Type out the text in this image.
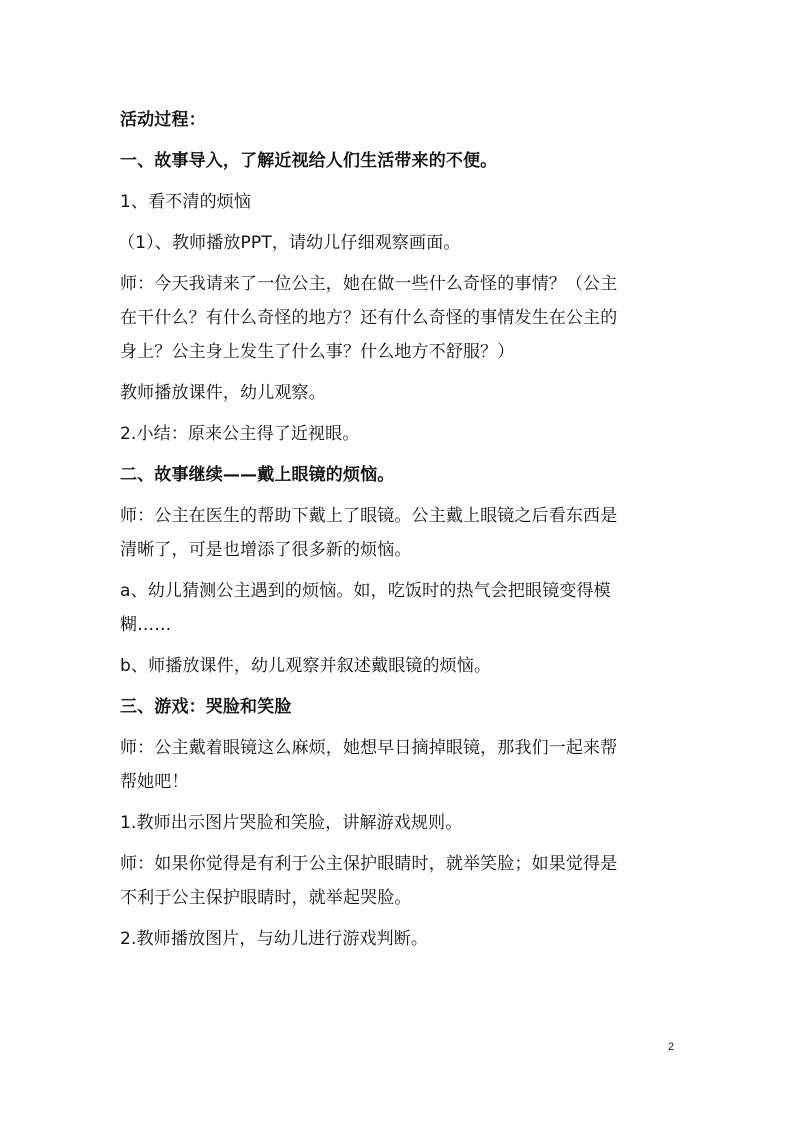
活动过程：
一、故事导入，了解近视给人们生活带来的不便。
1、看不清的烦恼
（1）、教师播放PPT，请幼儿仔细观察画面。
师：今天我请来了一位公主，她在做一些什么奇怪的事情？（公主
在干什么？有什么奇怪的地方？还有什么奇怪的事情发生在公主的
身上？公主身上发生了什么事？什么地方不舒服？）
教师播放课件，幼儿观察。
2.小结：原来公主得了近视眼。
二、故事继续——戴上眼镜的烦恼。
师：公主在医生的帮助下戴上了眼镜。公主戴上眼镜之后看东西是
清晰了，可是也增添了很多新的烦恼。
a、幼儿猜测公主遇到的烦恼。如，吃饭时的热气会把眼镜变得模
糊……
b、师播放课件，幼儿观察并叙述戴眼镜的烦恼。
三、游戏：哭脸和笑脸
师：公主戴着眼镜这么麻烦，她想早日摘掉眼镜，那我们一起来帮
帮她吧！
1.教师出示图片哭脸和笑脸，讲解游戏规则。
师：如果你觉得是有利于公主保护眼睛时，就举笑脸；如果觉得是
不利于公主保护眼睛时，就举起哭脸。
2.教师播放图片，与幼儿进行游戏判断。
2
